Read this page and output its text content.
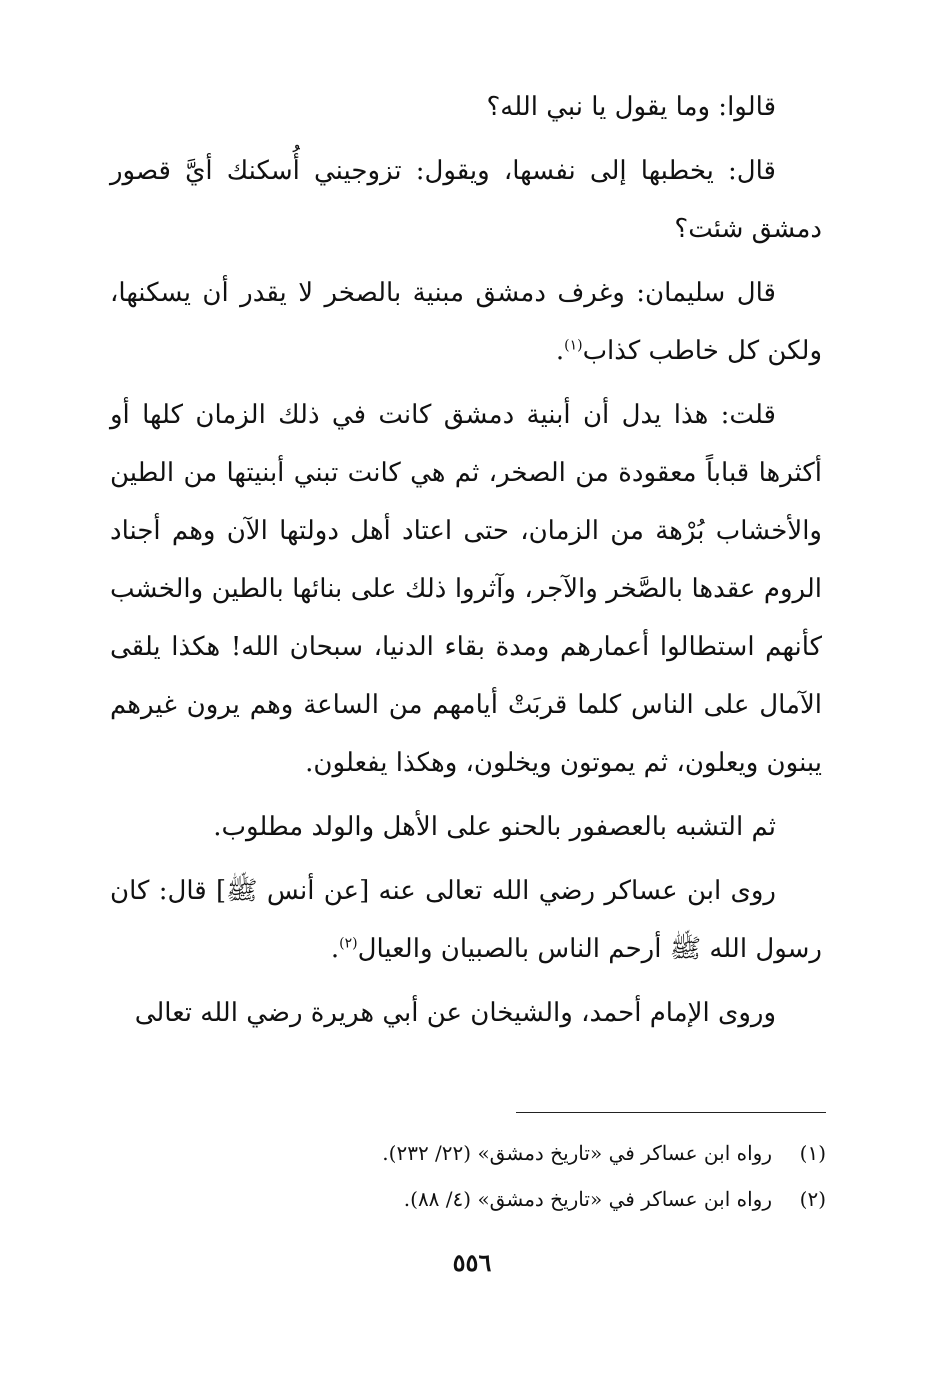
قالوا: وما يقول يا نبي الله؟

قال: يخطبها إلى نفسها، ويقول: تزوجيني أُسكنك أيَّ قصور دمشق شئت؟

قال سليمان: وغرف دمشق مبنية بالصخر لا يقدر أن يسكنها، ولكن كل خاطب كذاب$^{(١)}$.

قلت: هذا يدل أن أبنية دمشق كانت في ذلك الزمان كلها أو أكثرها قباباً معقودة من الصخر، ثم هي كانت تبني أبنيتها من الطين والأخشاب بُرْهة من الزمان، حتى اعتاد أهل دولتها الآن وهم أجناد الروم عقدها بالصَّخر والآجر، وآثروا ذلك على بنائها بالطين والخشب كأنهم استطالوا أعمارهم ومدة بقاء الدنيا، سبحان الله! هكذا يلقى الآمال على الناس كلما قربَتْ أيامهم من الساعة وهم يرون غيرهم يبنون ويعلون، ثم يموتون ويخلون، وهكذا يفعلون.

ثم التشبه بالعصفور بالحنو على الأهل والولد مطلوب.

روى ابن عساكر رضي الله تعالى عنه [عن أنس ﷺ] قال: كان رسول الله ﷺ أرحم الناس بالصبيان والعيال$^{(٢)}$.

وروى الإمام أحمد، والشيخان عن أبي هريرة رضي الله تعالى

(١)
رواه ابن عساكر في «تاريخ دمشق» (٢٢/ ٢٣٢).
(٢)
رواه ابن عساكر في «تاريخ دمشق» (٤/ ٨٨).
٥٥٦
